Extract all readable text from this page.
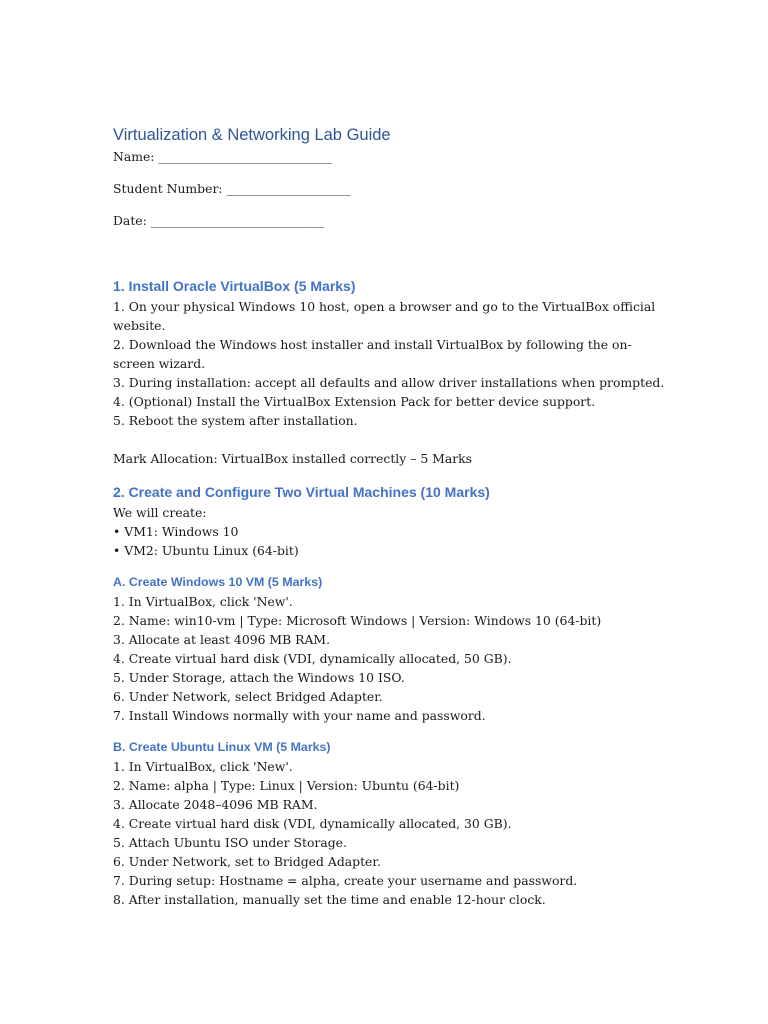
Virtualization & Networking Lab Guide

Name: ____________________________

Student Number: ____________________

Date: ____________________________

1. Install Oracle VirtualBox (5 Marks)
1. On your physical Windows 10 host, open a browser and go to the VirtualBox official website.
2. Download the Windows host installer and install VirtualBox by following the on-screen wizard.
3. During installation: accept all defaults and allow driver installations when prompted.
4. (Optional) Install the VirtualBox Extension Pack for better device support.
5. Reboot the system after installation.

Mark Allocation: VirtualBox installed correctly – 5 Marks

2. Create and Configure Two Virtual Machines (10 Marks)

We will create:

• VM1: Windows 10
• VM2: Ubuntu Linux (64-bit)
A. Create Windows 10 VM (5 Marks)
1. In VirtualBox, click 'New'.
2. Name: win10-vm | Type: Microsoft Windows | Version: Windows 10 (64-bit)
3. Allocate at least 4096 MB RAM.
4. Create virtual hard disk (VDI, dynamically allocated, 50 GB).
5. Under Storage, attach the Windows 10 ISO.
6. Under Network, select Bridged Adapter.
7. Install Windows normally with your name and password.
B. Create Ubuntu Linux VM (5 Marks)
1. In VirtualBox, click 'New'.
2. Name: alpha | Type: Linux | Version: Ubuntu (64-bit)
3. Allocate 2048–4096 MB RAM.
4. Create virtual hard disk (VDI, dynamically allocated, 30 GB).
5. Attach Ubuntu ISO under Storage.
6. Under Network, set to Bridged Adapter.
7. During setup: Hostname = alpha, create your username and password.
8. After installation, manually set the time and enable 12-hour clock.
